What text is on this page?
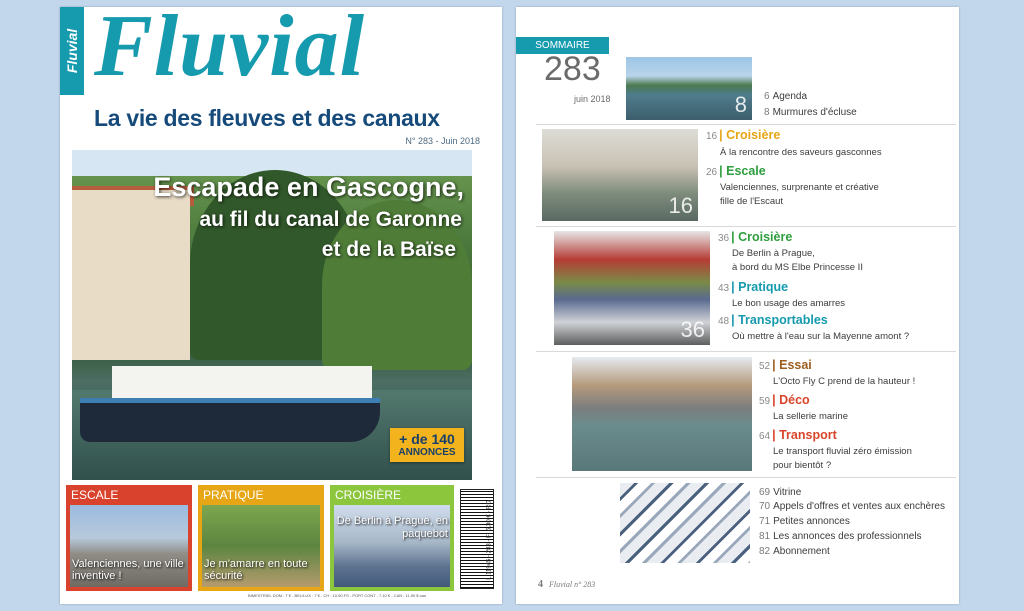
Fluvial Fluvial
La vie des fleuves et des canaux
N° 283 - Juin 2018
Escapade en Gascogne,
au fil du canal de Garonne
et de la Baïse
+ de 140
ANNONCES
ESCALE
Valenciennes, une ville inventive !
PRATIQUE
Je m'amarre en toute sécurité
CROISIÈRE
De Berlin à Prague, en paquebot	L 11945 - 283 - F: 6,30 € - RD
BIMESTRIEL DOM : 7 € - BEL/LUX : 7 € - CH : 10,90 FS - PORT CONT : 7,10 € - CAN : 11,90 $ can
SOMMAIRE
283
juin 2018	8
16
36
6 Agenda
8 Murmures d'écluse
16 | Croisière
À la rencontre des saveurs gasconnes
26 | Escale
Valenciennes, surprenante et créative
fille de l'Escaut
36 | Croisière
De Berlin à Prague,
à bord du MS Elbe Princesse II
43 | Pratique
Le bon usage des amarres
48 | Transportables
Où mettre à l'eau sur la Mayenne amont ?
52 | Essai
L'Octo Fly C prend de la hauteur !
59 | Déco
La sellerie marine
64 | Transport
Le transport fluvial zéro émission
pour bientôt ?
69 Vitrine
70 Appels d'offres et ventes aux enchères
71 Petites annonces
81 Les annonces des professionnels
82 Abonnement
4 Fluvial n° 283
